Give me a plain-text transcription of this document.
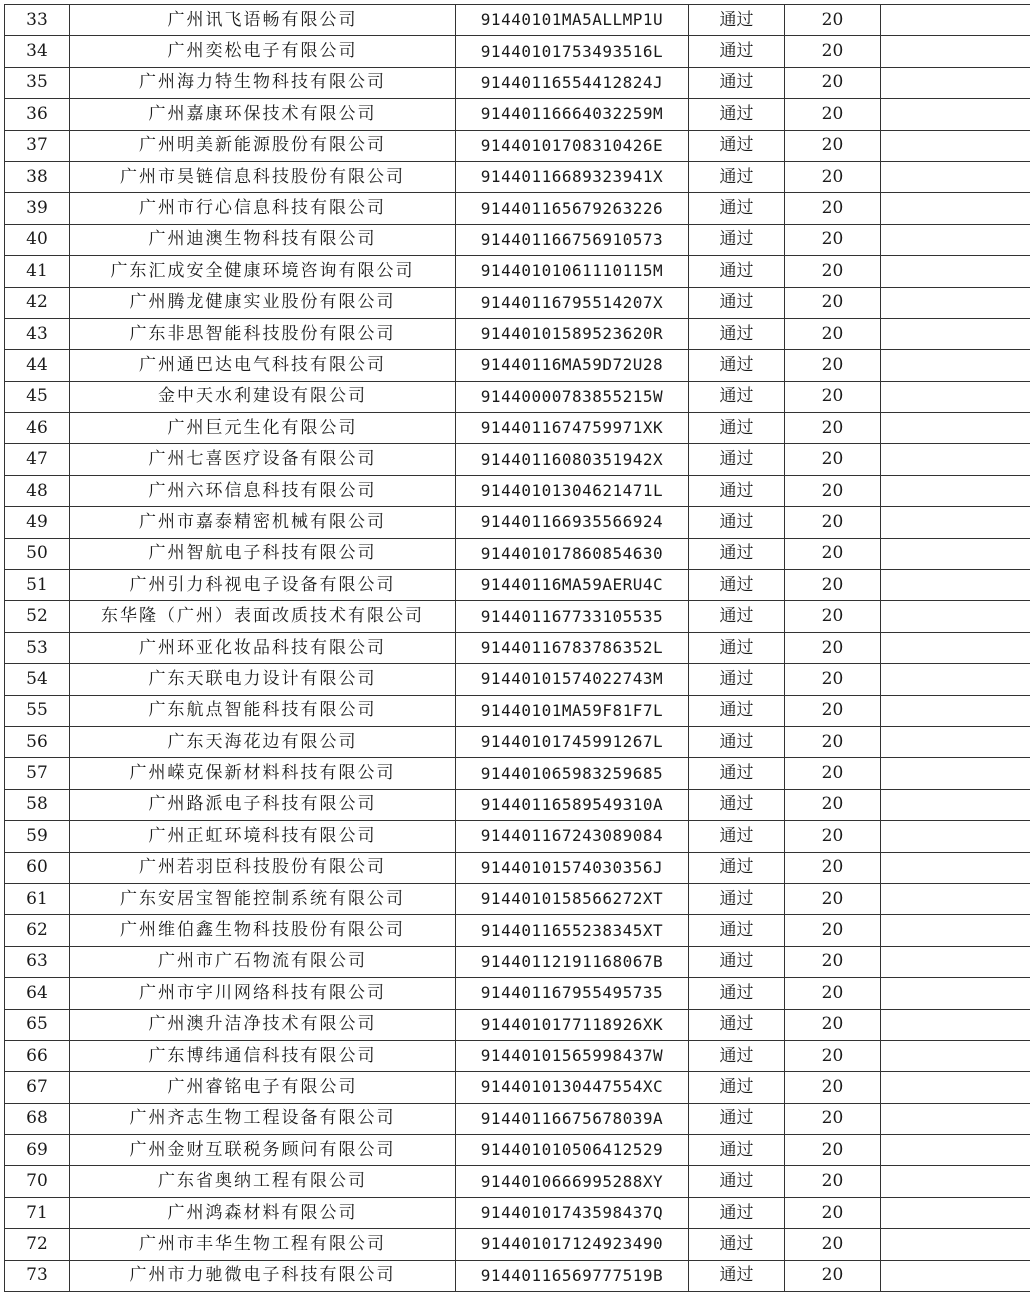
33	广州讯飞语畅有限公司	91440101MA5ALLMP1U	通过	20	
34	广州奕松电子有限公司	91440101753493516L	通过	20	
35	广州海力特生物科技有限公司	91440116554412824J	通过	20	
36	广州嘉康环保技术有限公司	91440116664032259M	通过	20	
37	广州明美新能源股份有限公司	91440101708310426E	通过	20	
38	广州市昊链信息科技股份有限公司	91440116689323941X	通过	20	
39	广州市行心信息科技有限公司	914401165679263226	通过	20	
40	广州迪澳生物科技有限公司	914401166756910573	通过	20	
41	广东汇成安全健康环境咨询有限公司	91440101061110115M	通过	20	
42	广州腾龙健康实业股份有限公司	91440116795514207X	通过	20	
43	广东非思智能科技股份有限公司	91440101589523620R	通过	20	
44	广州通巴达电气科技有限公司	91440116MA59D72U28	通过	20	
45	金中天水利建设有限公司	91440000783855215W	通过	20	
46	广州巨元生化有限公司	9144011674759971XK	通过	20	
47	广州七喜医疗设备有限公司	91440116080351942X	通过	20	
48	广州六环信息科技有限公司	91440101304621471L	通过	20	
49	广州市嘉泰精密机械有限公司	914401166935566924	通过	20	
50	广州智航电子科技有限公司	914401017860854630	通过	20	
51	广州引力科视电子设备有限公司	91440116MA59AERU4C	通过	20	
52	东华隆（广州）表面改质技术有限公司	914401167733105535	通过	20	
53	广州环亚化妆品科技有限公司	91440116783786352L	通过	20	
54	广东天联电力设计有限公司	91440101574022743M	通过	20	
55	广东航点智能科技有限公司	91440101MA59F81F7L	通过	20	
56	广东天海花边有限公司	91440101745991267L	通过	20	
57	广州嵘克保新材料科技有限公司	914401065983259685	通过	20	
58	广州路派电子科技有限公司	91440116589549310A	通过	20	
59	广州正虹环境科技有限公司	914401167243089084	通过	20	
60	广州若羽臣科技股份有限公司	91440101574030356J	通过	20	
61	广东安居宝智能控制系统有限公司	9144010158566272XT	通过	20	
62	广州维伯鑫生物科技股份有限公司	9144011655238345XT	通过	20	
63	广州市广石物流有限公司	91440112191168067B	通过	20	
64	广州市宇川网络科技有限公司	914401167955495735	通过	20	
65	广州澳升洁净技术有限公司	9144010177118926XK	通过	20	
66	广东博纬通信科技有限公司	91440101565998437W	通过	20	
67	广州睿铭电子有限公司	9144010130447554XC	通过	20	
68	广州齐志生物工程设备有限公司	91440116675678039A	通过	20	
69	广州金财互联税务顾问有限公司	914401010506412529	通过	20	
70	广东省奥纳工程有限公司	9144010666995288XY	通过	20	
71	广州鸿森材料有限公司	91440101743598437Q	通过	20	
72	广州市丰华生物工程有限公司	914401017124923490	通过	20	
73	广州市力驰微电子科技有限公司	91440116569777519B	通过	20	
